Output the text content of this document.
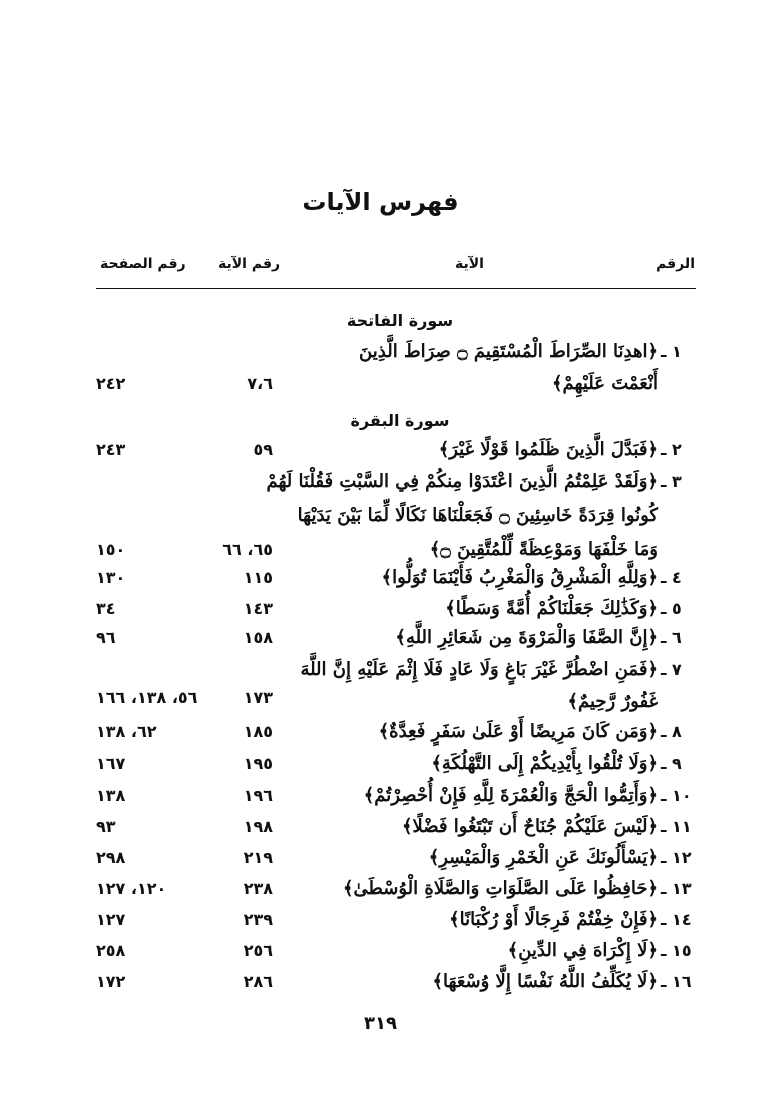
فهرس الآيات
الرقم
الآية
رقم الآية
رقم الصفحة
سورة الفاتحة
١ ـ
﴿اهدِنَا الصِّرَاطَ الْمُسْتَقِيمَ ۝ صِرَاطَ الَّذِينَ
أَنْعَمْتَ عَلَيْهِمْ﴾
٧،٦
٢٤٢
سورة البقرة
٢ ـ
﴿فَبَدَّلَ الَّذِينَ ظَلَمُوا قَوْلًا غَيْرَ﴾
٥٩
٢٤٣
٣ ـ
﴿وَلَقَدْ عَلِمْتُمُ الَّذِينَ اعْتَدَوْا مِنكُمْ فِي السَّبْتِ فَقُلْنَا لَهُمْ
كُونُوا قِرَدَةً خَاسِئِينَ ۝ فَجَعَلْنَاهَا نَكَالًا لِّمَا بَيْنَ يَدَيْهَا
وَمَا خَلْفَهَا وَمَوْعِظَةً لِّلْمُتَّقِينَ ۝﴾
٦٥، ٦٦
١٥٠
٤ ـ
﴿وَلِلَّهِ الْمَشْرِقُ وَالْمَغْرِبُ فَأَيْنَمَا تُوَلُّوا﴾
١١٥
١٣٠
٥ ـ
﴿وَكَذَٰلِكَ جَعَلْنَاكُمْ أُمَّةً وَسَطًا﴾
١٤٣
٣٤
٦ ـ
﴿إِنَّ الصَّفَا وَالْمَرْوَةَ مِن شَعَائِرِ اللَّهِ﴾
١٥٨
٩٦
٧ ـ
﴿فَمَنِ اضْطُرَّ غَيْرَ بَاغٍ وَلَا عَادٍ فَلَا إِثْمَ عَلَيْهِ إِنَّ اللَّهَ
غَفُورٌ رَّحِيمٌ﴾
١٧٣
٥٦، ١٣٨، ١٦٦
٨ ـ
﴿وَمَن كَانَ مَرِيضًا أَوْ عَلَىٰ سَفَرٍ فَعِدَّةٌ﴾
١٨٥
٦٢، ١٣٨
٩ ـ
﴿وَلَا تُلْقُوا بِأَيْدِيكُمْ إِلَى التَّهْلُكَةِ﴾
١٩٥
١٦٧
١٠ ـ
﴿وَأَتِمُّوا الْحَجَّ وَالْعُمْرَةَ لِلَّهِ فَإِنْ أُحْصِرْتُمْ﴾
١٩٦
١٣٨
١١ ـ
﴿لَيْسَ عَلَيْكُمْ جُنَاحٌ أَن تَبْتَغُوا فَضْلًا﴾
١٩٨
٩٣
١٢ ـ
﴿يَسْأَلُونَكَ عَنِ الْخَمْرِ وَالْمَيْسِرِ﴾
٢١٩
٢٩٨
١٣ ـ
﴿حَافِظُوا عَلَى الصَّلَوَاتِ وَالصَّلَاةِ الْوُسْطَىٰ﴾
٢٣٨
١٢٠، ١٢٧
١٤ ـ
﴿فَإِنْ خِفْتُمْ فَرِجَالًا أَوْ رُكْبَانًا﴾
٢٣٩
١٢٧
١٥ ـ
﴿لَا إِكْرَاهَ فِي الدِّينِ﴾
٢٥٦
٢٥٨
١٦ ـ
﴿لَا يُكَلِّفُ اللَّهُ نَفْسًا إِلَّا وُسْعَهَا﴾
٢٨٦
١٧٢
٣١٩
